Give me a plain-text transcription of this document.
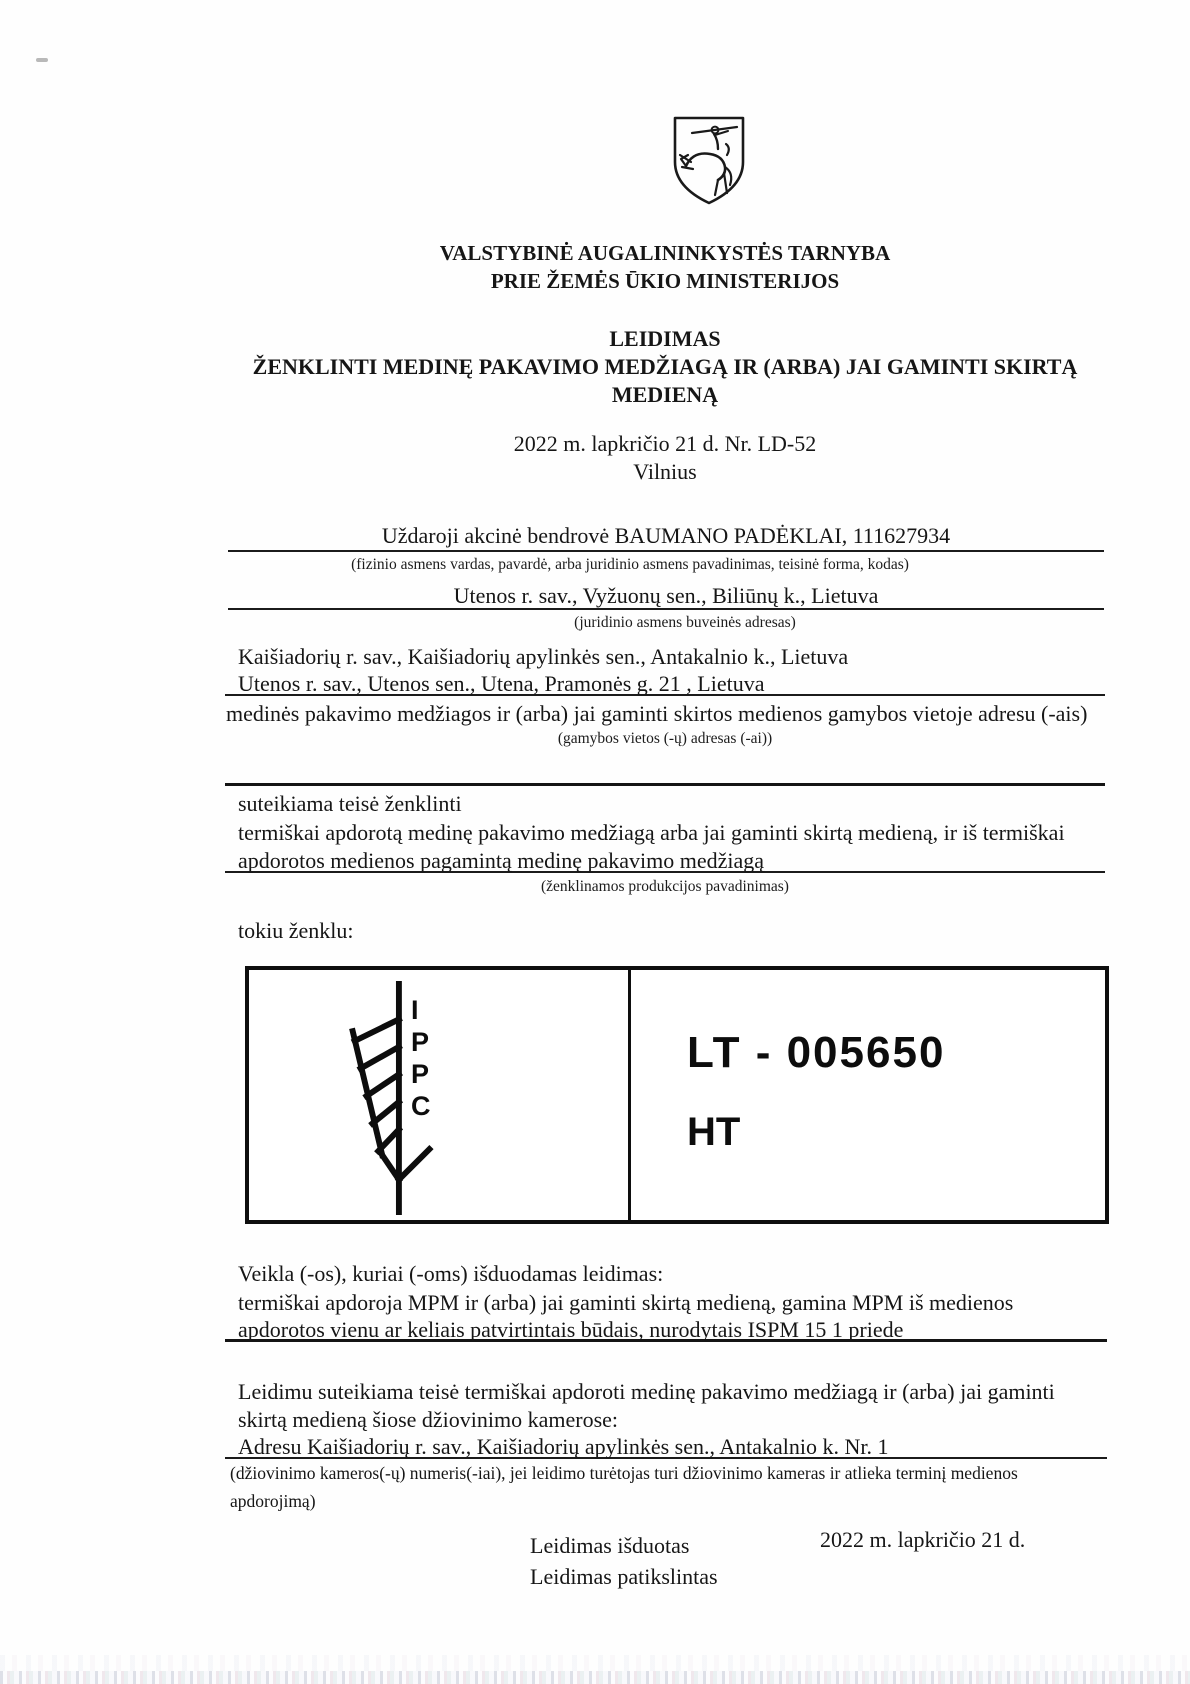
VALSTYBINĖ AUGALININKYSTĖS TARNYBA
PRIE ŽEMĖS ŪKIO MINISTERIJOS
LEIDIMAS
ŽENKLINTI MEDINĘ PAKAVIMO MEDŽIAGĄ IR (ARBA) JAI GAMINTI SKIRTĄ
MEDIENĄ
2022 m. lapkričio 21 d. Nr. LD-52
Vilnius
Uždaroji akcinė bendrovė BAUMANO PADĖKLAI, 111627934
(fizinio asmens vardas, pavardė, arba juridinio asmens pavadinimas, teisinė forma, kodas)
Utenos r. sav., Vyžuonų sen., Biliūnų k., Lietuva
(juridinio asmens buveinės adresas)
Kaišiadorių r. sav., Kaišiadorių apylinkės sen., Antakalnio k., Lietuva
Utenos r. sav., Utenos sen., Utena, Pramonės g. 21 , Lietuva
medinės pakavimo medžiagos ir (arba) jai gaminti skirtos medienos gamybos vietoje adresu (-ais)
(gamybos vietos (-ų) adresas (-ai))
suteikiama teisė ženklinti
termiškai apdorotą medinę pakavimo medžiagą arba jai gaminti skirtą medieną, ir iš termiškai
apdorotos medienos pagamintą medinę pakavimo medžiagą
(ženklinamos produkcijos pavadinimas)
tokiu ženklu:
I
P
P
C
LT - 005650
HT
Veikla (-os), kuriai (-oms) išduodamas leidimas:
termiškai apdoroja MPM ir (arba) jai gaminti skirtą medieną, gamina MPM iš medienos
apdorotos vienu ar keliais patvirtintais būdais, nurodytais ISPM 15 1 priede
Leidimu suteikiama teisė termiškai apdoroti medinę pakavimo medžiagą ir (arba) jai gaminti
skirtą medieną šiose džiovinimo kamerose:
Adresu Kaišiadorių r. sav., Kaišiadorių apylinkės sen., Antakalnio k. Nr. 1
(džiovinimo kameros(-ų) numeris(-iai), jei leidimo turėtojas turi džiovinimo kameras ir atlieka terminį medienos
apdorojimą)
Leidimas išduotas	2022 m. lapkričio 21 d.
Leidimas patikslintas
